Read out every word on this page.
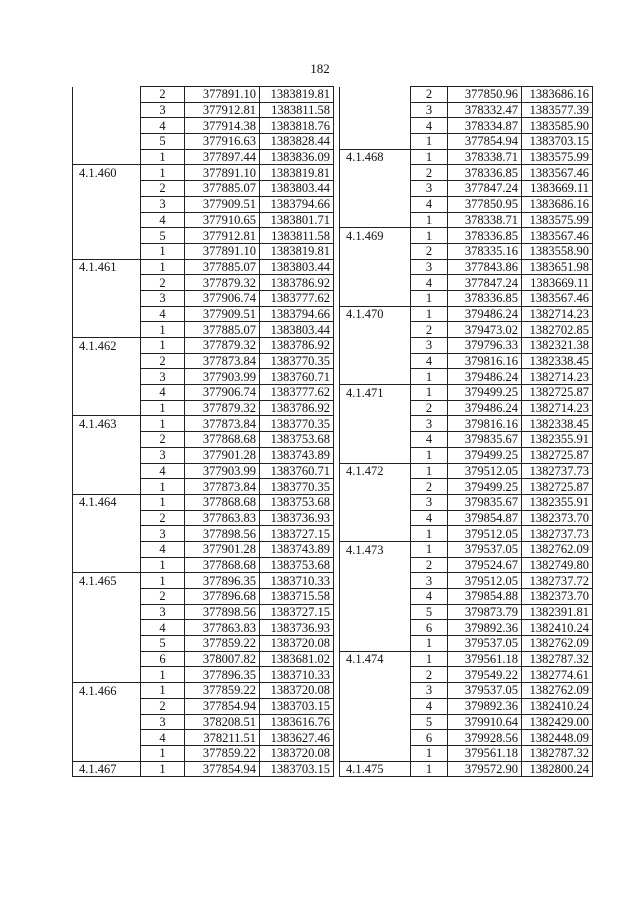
182
	2	377891.10	1383819.81
	3	377912.81	1383811.58
	4	377914.38	1383818.76
	5	377916.63	1383828.44
	1	377897.44	1383836.09
4.1.460	1	377891.10	1383819.81
	2	377885.07	1383803.44
	3	377909.51	1383794.66
	4	377910.65	1383801.71
	5	377912.81	1383811.58
	1	377891.10	1383819.81
4.1.461	1	377885.07	1383803.44
	2	377879.32	1383786.92
	3	377906.74	1383777.62
	4	377909.51	1383794.66
	1	377885.07	1383803.44
4.1.462	1	377879.32	1383786.92
	2	377873.84	1383770.35
	3	377903.99	1383760.71
	4	377906.74	1383777.62
	1	377879.32	1383786.92
4.1.463	1	377873.84	1383770.35
	2	377868.68	1383753.68
	3	377901.28	1383743.89
	4	377903.99	1383760.71
	1	377873.84	1383770.35
4.1.464	1	377868.68	1383753.68
	2	377863.83	1383736.93
	3	377898.56	1383727.15
	4	377901.28	1383743.89
	1	377868.68	1383753.68
4.1.465	1	377896.35	1383710.33
	2	377896.68	1383715.58
	3	377898.56	1383727.15
	4	377863.83	1383736.93
	5	377859.22	1383720.08
	6	378007.82	1383681.02
	1	377896.35	1383710.33
4.1.466	1	377859.22	1383720.08
	2	377854.94	1383703.15
	3	378208.51	1383616.76
	4	378211.51	1383627.46
	1	377859.22	1383720.08
4.1.467	1	377854.94	1383703.15
	2	377850.96	1383686.16
	3	378332.47	1383577.39
	4	378334.87	1383585.90
	1	377854.94	1383703.15
4.1.468	1	378338.71	1383575.99
	2	378336.85	1383567.46
	3	377847.24	1383669.11
	4	377850.95	1383686.16
	1	378338.71	1383575.99
4.1.469	1	378336.85	1383567.46
	2	378335.16	1383558.90
	3	377843.86	1383651.98
	4	377847.24	1383669.11
	1	378336.85	1383567.46
4.1.470	1	379486.24	1382714.23
	2	379473.02	1382702.85
	3	379796.33	1382321.38
	4	379816.16	1382338.45
	1	379486.24	1382714.23
4.1.471	1	379499.25	1382725.87
	2	379486.24	1382714.23
	3	379816.16	1382338.45
	4	379835.67	1382355.91
	1	379499.25	1382725.87
4.1.472	1	379512.05	1382737.73
	2	379499.25	1382725.87
	3	379835.67	1382355.91
	4	379854.87	1382373.70
	1	379512.05	1382737.73
4.1.473	1	379537.05	1382762.09
	2	379524.67	1382749.80
	3	379512.05	1382737.72
	4	379854.88	1382373.70
	5	379873.79	1382391.81
	6	379892.36	1382410.24
	1	379537.05	1382762.09
4.1.474	1	379561.18	1382787.32
	2	379549.22	1382774.61
	3	379537.05	1382762.09
	4	379892.36	1382410.24
	5	379910.64	1382429.00
	6	379928.56	1382448.09
	1	379561.18	1382787.32
4.1.475	1	379572.90	1382800.24
